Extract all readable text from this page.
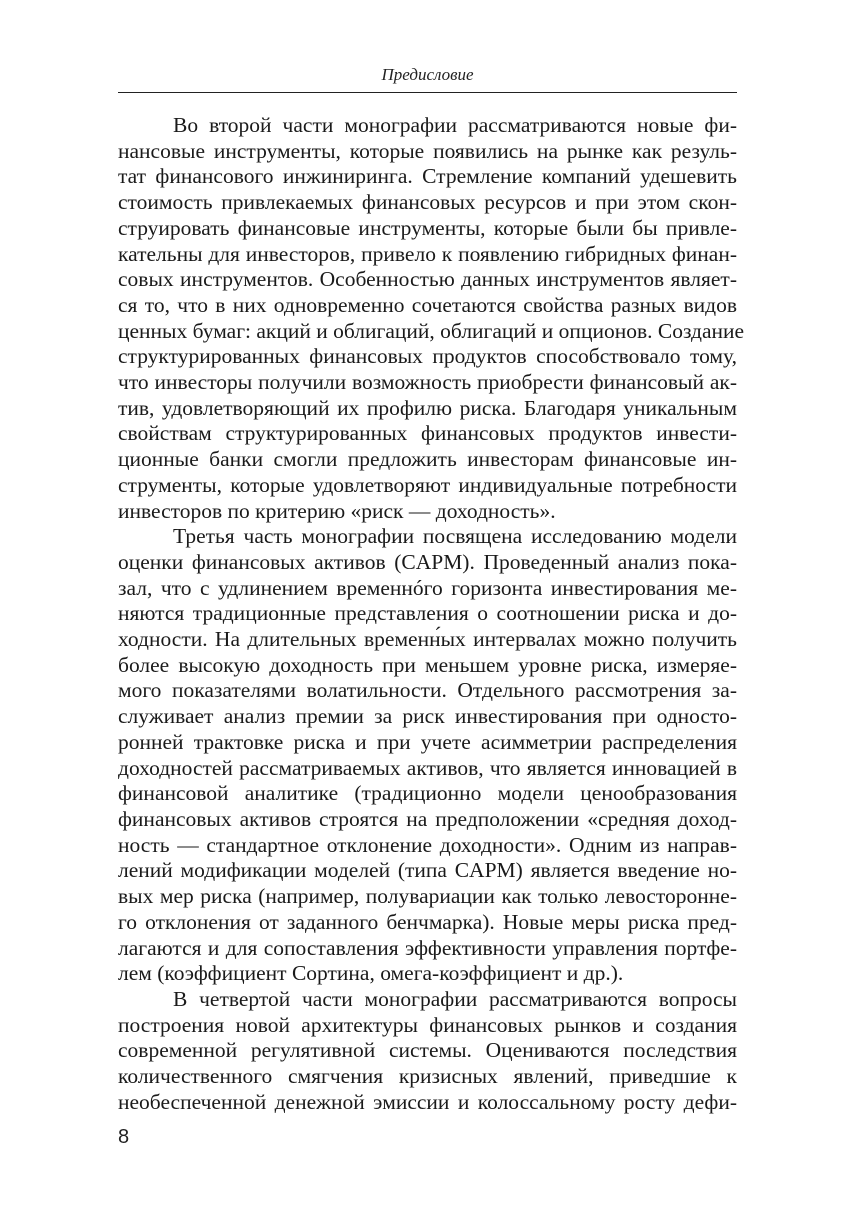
Предисловие

Во второй части монографии рассматриваются новые фи-
нансовые инструменты, которые появились на рынке как резуль-
тат финансового инжиниринга. Стремление компаний удешевить
стоимость привлекаемых финансовых ресурсов и при этом скон-
струировать финансовые инструменты, которые были бы привле-
кательны для инвесторов, привело к появлению гибридных финан-
совых инструментов. Особенностью данных инструментов являет-
ся то, что в них одновременно сочетаются свойства разных видов
ценных бумаг: акций и облигаций, облигаций и опционов. Создание
структурированных финансовых продуктов способствовало тому,
что инвесторы получили возможность приобрести финансовый ак-
тив, удовлетворяющий их профилю риска. Благодаря уникальным
свойствам структурированных финансовых продуктов инвести-
ционные банки смогли предложить инвесторам финансовые ин-
струменты, которые удовлетворяют индивидуальные потребности
инвесторов по критерию «риск — доходность».

Третья часть монографии посвящена исследованию модели
оценки финансовых активов (CAPM). Проведенный анализ пока-
зал, что с удлинением временнóго горизонта инвестирования ме-
няются традиционные представления о соотношении риска и до-
ходности. На длительных временн́ых интервалах можно получить
более высокую доходность при меньшем уровне риска, измеряе-
мого показателями волатильности. Отдельного рассмотрения за-
служивает анализ премии за риск инвестирования при односто-
ронней трактовке риска и при учете асимметрии распределения
доходностей рассматриваемых активов, что является инновацией в
финансовой аналитике (традиционно модели ценообразования
финансовых активов строятся на предположении «средняя доход-
ность — стандартное отклонение доходности». Одним из направ-
лений модификации моделей (типа CAPM) является введение но-
вых мер риска (например, полувариации как только левосторонне-
го отклонения от заданного бенчмарка). Новые меры риска пред-
лагаются и для сопоставления эффективности управления портфе-
лем (коэффициент Сортина, омега-коэффициент и др.).

В четвертой части монографии рассматриваются вопросы
построения новой архитектуры финансовых рынков и создания
современной регулятивной системы. Оцениваются последствия
количественного смягчения кризисных явлений, приведшие к
необеспеченной денежной эмиссии и колоссальному росту дефи-

8
